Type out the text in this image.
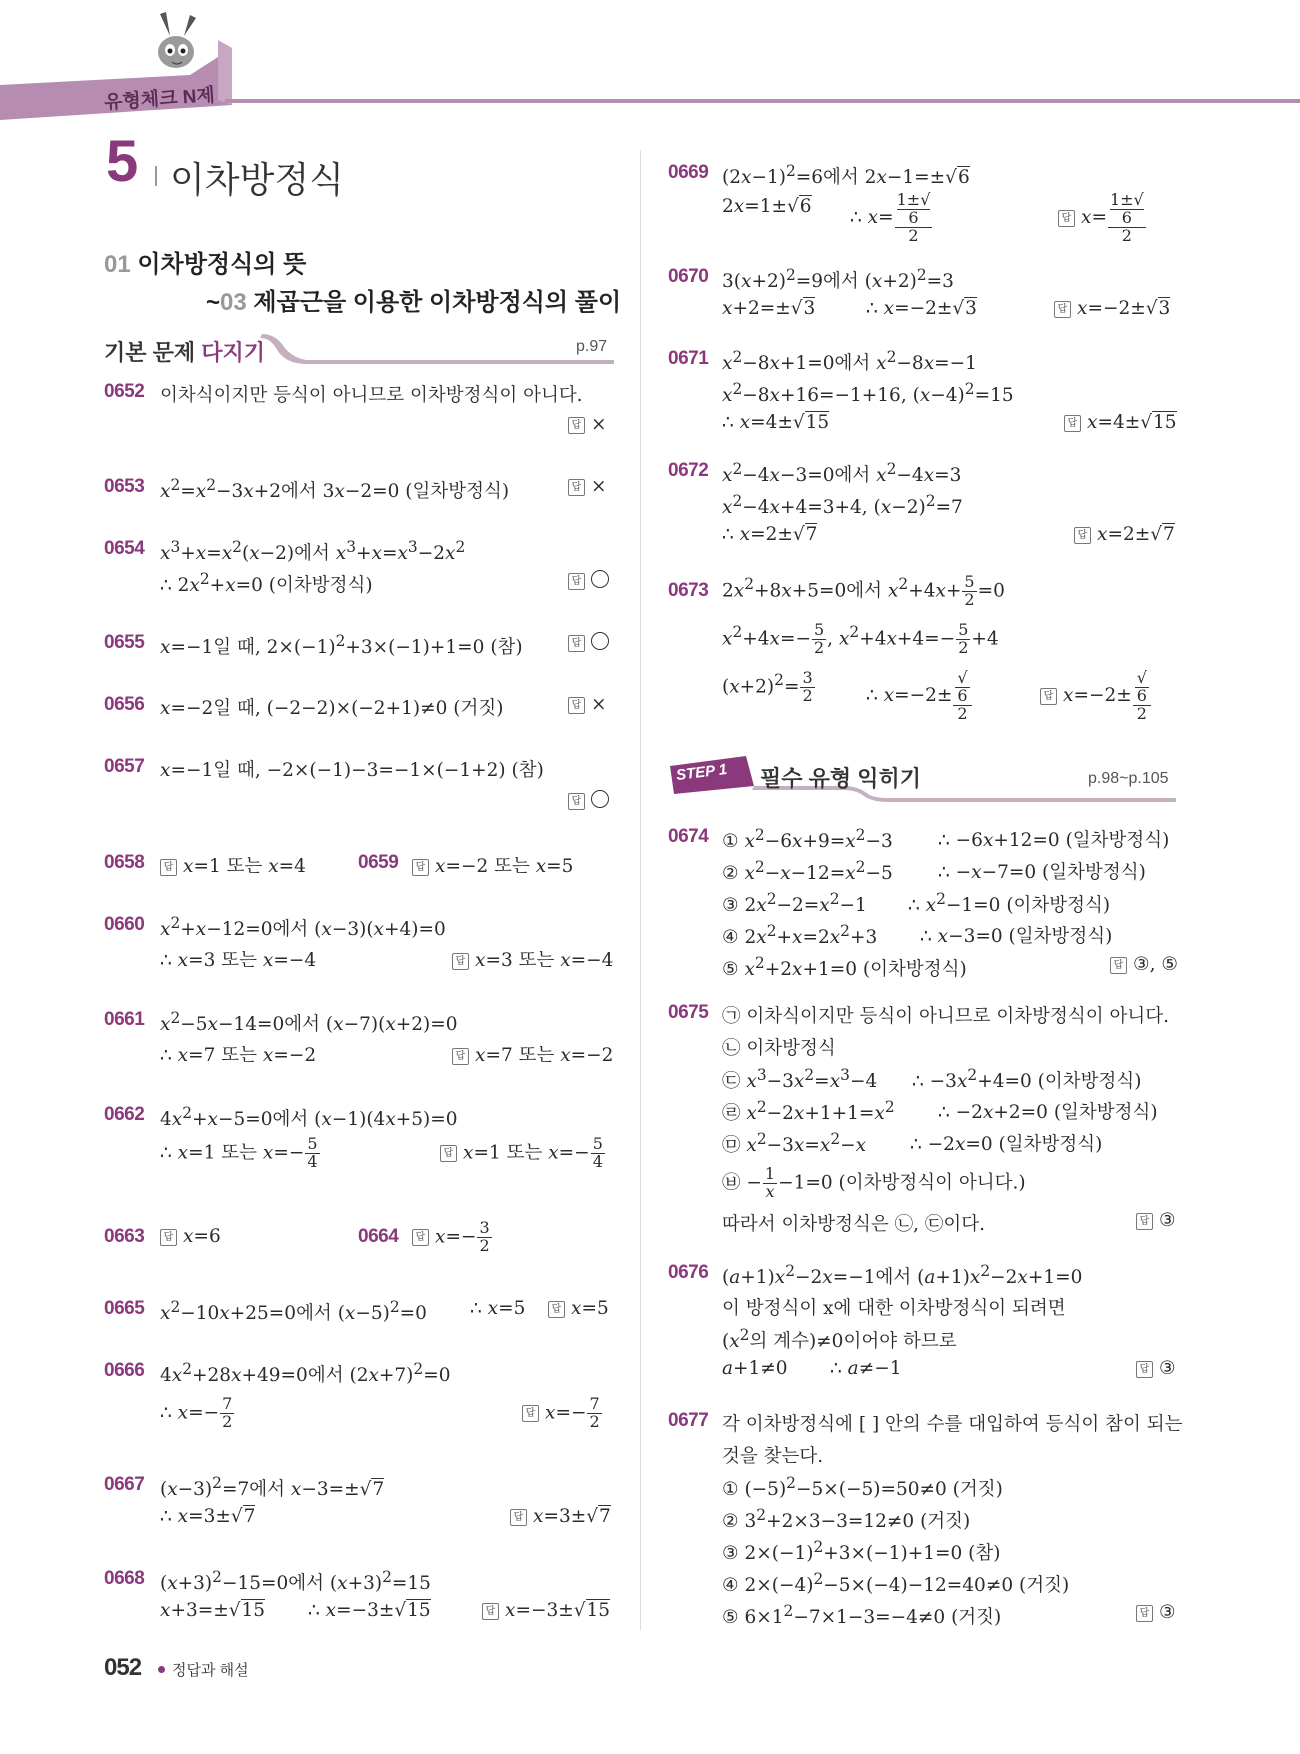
유형체크 N제
5 이차방정식
01 이차방정식의 뜻
~03 제곱근을 이용한 이차방정식의 풀이
기본 문제 다지기	p.97
0652 이차식이지만 등식이 아니므로 이차방정식이 아니다.
답 ×
0653 $x^2=x^2-3x+2$에서 3x−2=0 (일차방정식)	답 ×
0654 $x^3+x=x^2(x-2)$에서 $x^3+x=x^3-2x^2$
∴ $2x^2+x=0$ (이차방정식)	답
0655 x=−1일 때, $2\times(-1)^2+3\times(-1)+1=0$ (참)	답
0656 x=−2일 때, (−2−2)×(−2+1)≠0 (거짓)	답 ×
0657 x=−1일 때, −2×(−1)−3=−1×(−1+2) (참)
답
0658	답 x=1 또는 x=4	0659	답 x=−2 또는 x=5
0660 $x^2+x-12=0$에서 (x−3)(x+4)=0
∴ x=3 또는 x=−4	답 x=3 또는 x=−4
0661 $x^2-5x-14=0$에서 (x−7)(x+2)=0
∴ x=7 또는 x=−2	답 x=7 또는 x=−2
0662 $4x^2+x-5=0$에서 (x−1)(4x+5)=0
∴ x=1 또는 $x=- \frac{5}{4}$	답 x=1 또는 $x=- \frac{5}{4}$
0663	답 x=6	0664	답 $x=- \frac{3}{2}$
0665 $x^2-10x+25=0$에서 $(x-5)^2=0$ ∴ x=5	답 x=5
0666 $4x^2+28x+49=0$에서 $(2x+7)^2=0$
∴ $x=- \frac{7}{2}$	답 $x=- \frac{7}{2}$
0667 $(x-3)^2=7$에서 x−3=±√7
∴ x=3±√7	답 x=3±√7
0668 $(x+3)^2-15=0$에서 $(x+3)^2=15$
x+3=±√15 ∴ x=−3±√15	답 x=−3±√15
0669 $(2x-1)^2=6$에서 2x−1=±√6
2x=1±√6
∴ x= 1±√
6
2	답 x= 1±√
6
2
0670 $3(x+2)^2=9$에서 $(x+2)^2=3$
x+2=±√3	∴ x=−2±√3	답 x=−2±√3
0671 $x^2-8x+1=0$에서 $x^2-8x=-1$
$x^2-8x+16=-1+16$, $(x-4)^2=15$
∴ x=4±√15	답 x=4±√15
0672 $x^2-4x-3=0$에서 $x^2-4x=3$
$x^2-4x+4=3+4$, $(x-2)^2=7$
∴ x=2±√7	답 x=2±√7
0673 $2x^2+8x+5=0$에서 $x^2+4x+ \frac{5}{2} =0$
$x^2+4x=- \frac{5}{2}$ , $x^2+4x+4=- \frac{5}{2} +4$
$(x+2)^2= \frac{3}{2}$	∴ x=−2± √
6
2	답 x=−2± √
6
2
STEP 1 필수 유형 익히기	p.98~p.105
0674 ① $x^2-6x+9=x^2-3$ ∴ −6x+12=0 (일차방정식)
② $x^2-x-12=x^2-5$ ∴ −x−7=0 (일차방정식)
③ $2x^2-2=x^2-1$ ∴ $x^2-1=0$ (이차방정식)
④ $2x^2+x=2x^2+3$ ∴ x−3=0 (일차방정식)
⑤ $x^2+2x+1=0$ (이차방정식)	답 ③, ⑤
0675 ㉠ 이차식이지만 등식이 아니므로 이차방정식이 아니다.
㉡ 이차방정식
㉢ $x^3-3x^2=x^3-4$ ∴ $-3x^2+4=0$ (이차방정식)
㉣ $x^2-2x+1+1=x^2$ ∴ −2x+2=0 (일차방정식)
㉤ $x^2-3x=x^2-x$ ∴ −2x=0 (일차방정식)
㉥ − $\frac{1}{x} -1=0$ (이차방정식이 아니다.)
따라서 이차방정식은 ㉡, ㉢이다.	답 ③
0676 $(a+1)x^2-2x=-1$에서 $(a+1)x^2-2x+1=0$
이 방정식이 x에 대한 이차방정식이 되려면
($x^2$의 계수)≠0이어야 하므로
a+1≠0 ∴ a≠−1	답 ③
0677 각 이차방정식에 [ ] 안의 수를 대입하여 등식이 참이 되는
것을 찾는다.
① $(-5)^2-5\times(-5)=50\ne 0$ (거짓)
② $3^2+2\times 3-3=12\ne 0$ (거짓)
③ $2\times(-1)^2+3\times(-1)+1=0$ (참)
④ $2\times(-4)^2-5\times(-4)-12=40\ne 0$ (거짓)
⑤ $6\times 1^2-7\times 1-3=-4\ne 0$ (거짓)	답 ③
052 정답과 해설
